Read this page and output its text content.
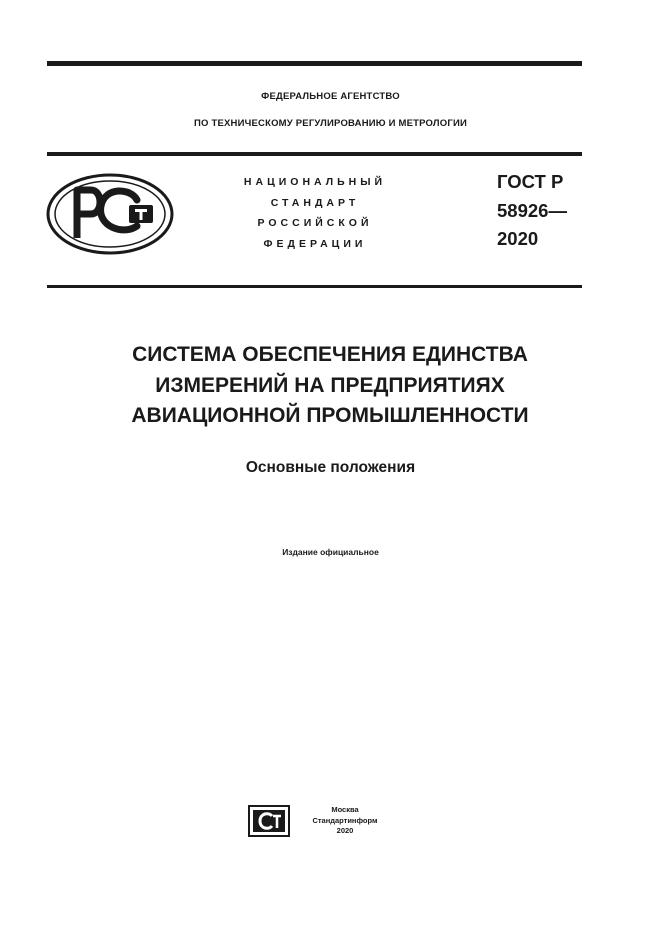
ФЕДЕРАЛЬНОЕ АГЕНТСТВО
ПО ТЕХНИЧЕСКОМУ РЕГУЛИРОВАНИЮ И МЕТРОЛОГИИ
НАЦИОНАЛЬНЫЙ
СТАНДАРТ
РОССИЙСКОЙ
ФЕДЕРАЦИИ
ГОСТ Р
58926—
2020
СИСТЕМА ОБЕСПЕЧЕНИЯ ЕДИНСТВА
ИЗМЕРЕНИЙ НА ПРЕДПРИЯТИЯХ
АВИАЦИОННОЙ ПРОМЫШЛЕННОСТИ
Основные положения
Издание официальное
Москва
Стандартинформ
2020
